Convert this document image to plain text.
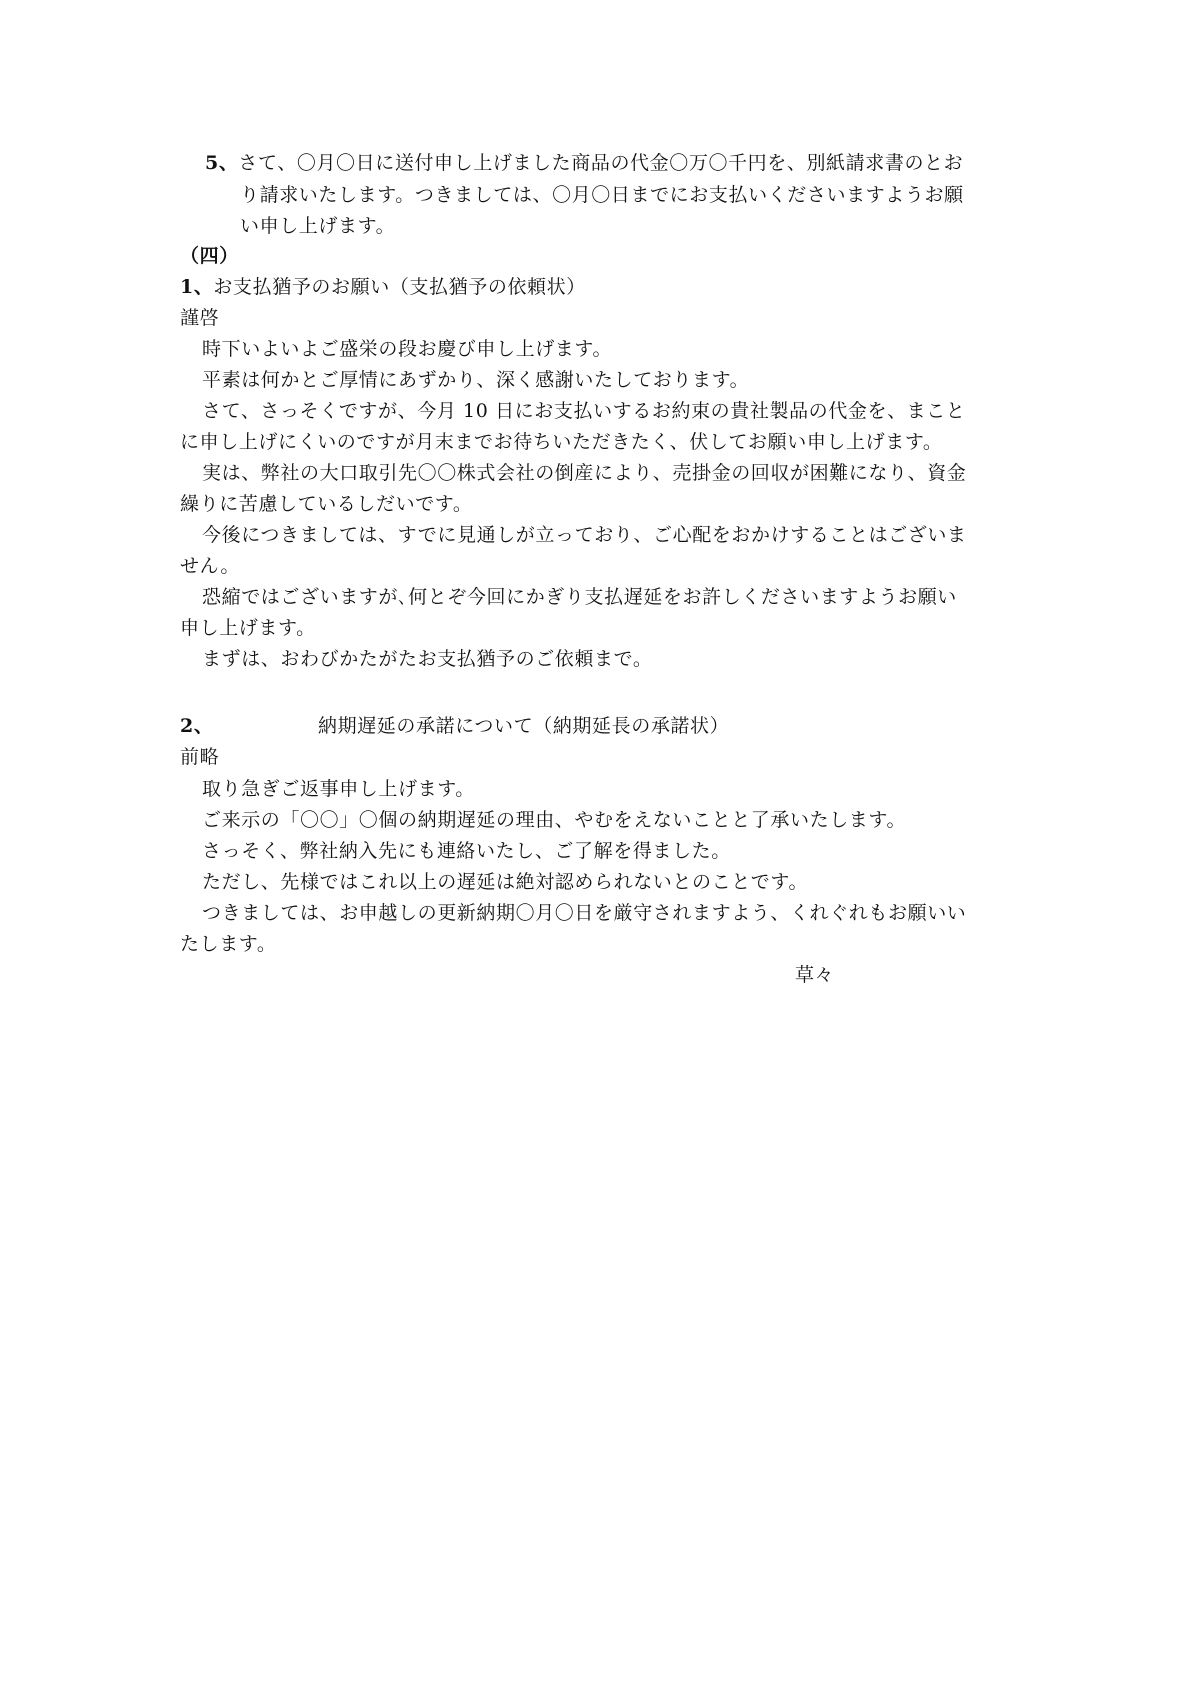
5、さて、〇月〇日に送付申し上げました商品の代金〇万〇千円を、別紙請求書のとお
り請求いたします。つきましては、〇月〇日までにお支払いくださいますようお願
い申し上げます。
（四）
1、お支払猶予のお願い（支払猶予の依頼状）
謹啓
時下いよいよご盛栄の段お慶び申し上げます。
平素は何かとご厚情にあずかり、深く感謝いたしております。
さて、さっそくですが、今月 10 日にお支払いするお約束の貴社製品の代金を、まこと
に申し上げにくいのですが月末までお待ちいただきたく、伏してお願い申し上げます。
実は、弊社の大口取引先〇〇株式会社の倒産により、売掛金の回収が困難になり、資金
繰りに苦慮しているしだいです。
今後につきましては、すでに見通しが立っており、ご心配をおかけすることはございま
せん。
恐縮ではございますが､何とぞ今回にかぎり支払遅延をお許しくださいますようお願い
申し上げます。
まずは、おわびかたがたお支払猶予のご依頼まで。
2、	納期遅延の承諾について（納期延長の承諾状）
前略
取り急ぎご返事申し上げます。
ご来示の「〇〇」〇個の納期遅延の理由、やむをえないことと了承いたします。
さっそく、弊社納入先にも連絡いたし、ご了解を得ました。
ただし、先様ではこれ以上の遅延は絶対認められないとのことです。
つきましては、お申越しの更新納期〇月〇日を厳守されますよう、くれぐれもお願いい
たします。
草々
